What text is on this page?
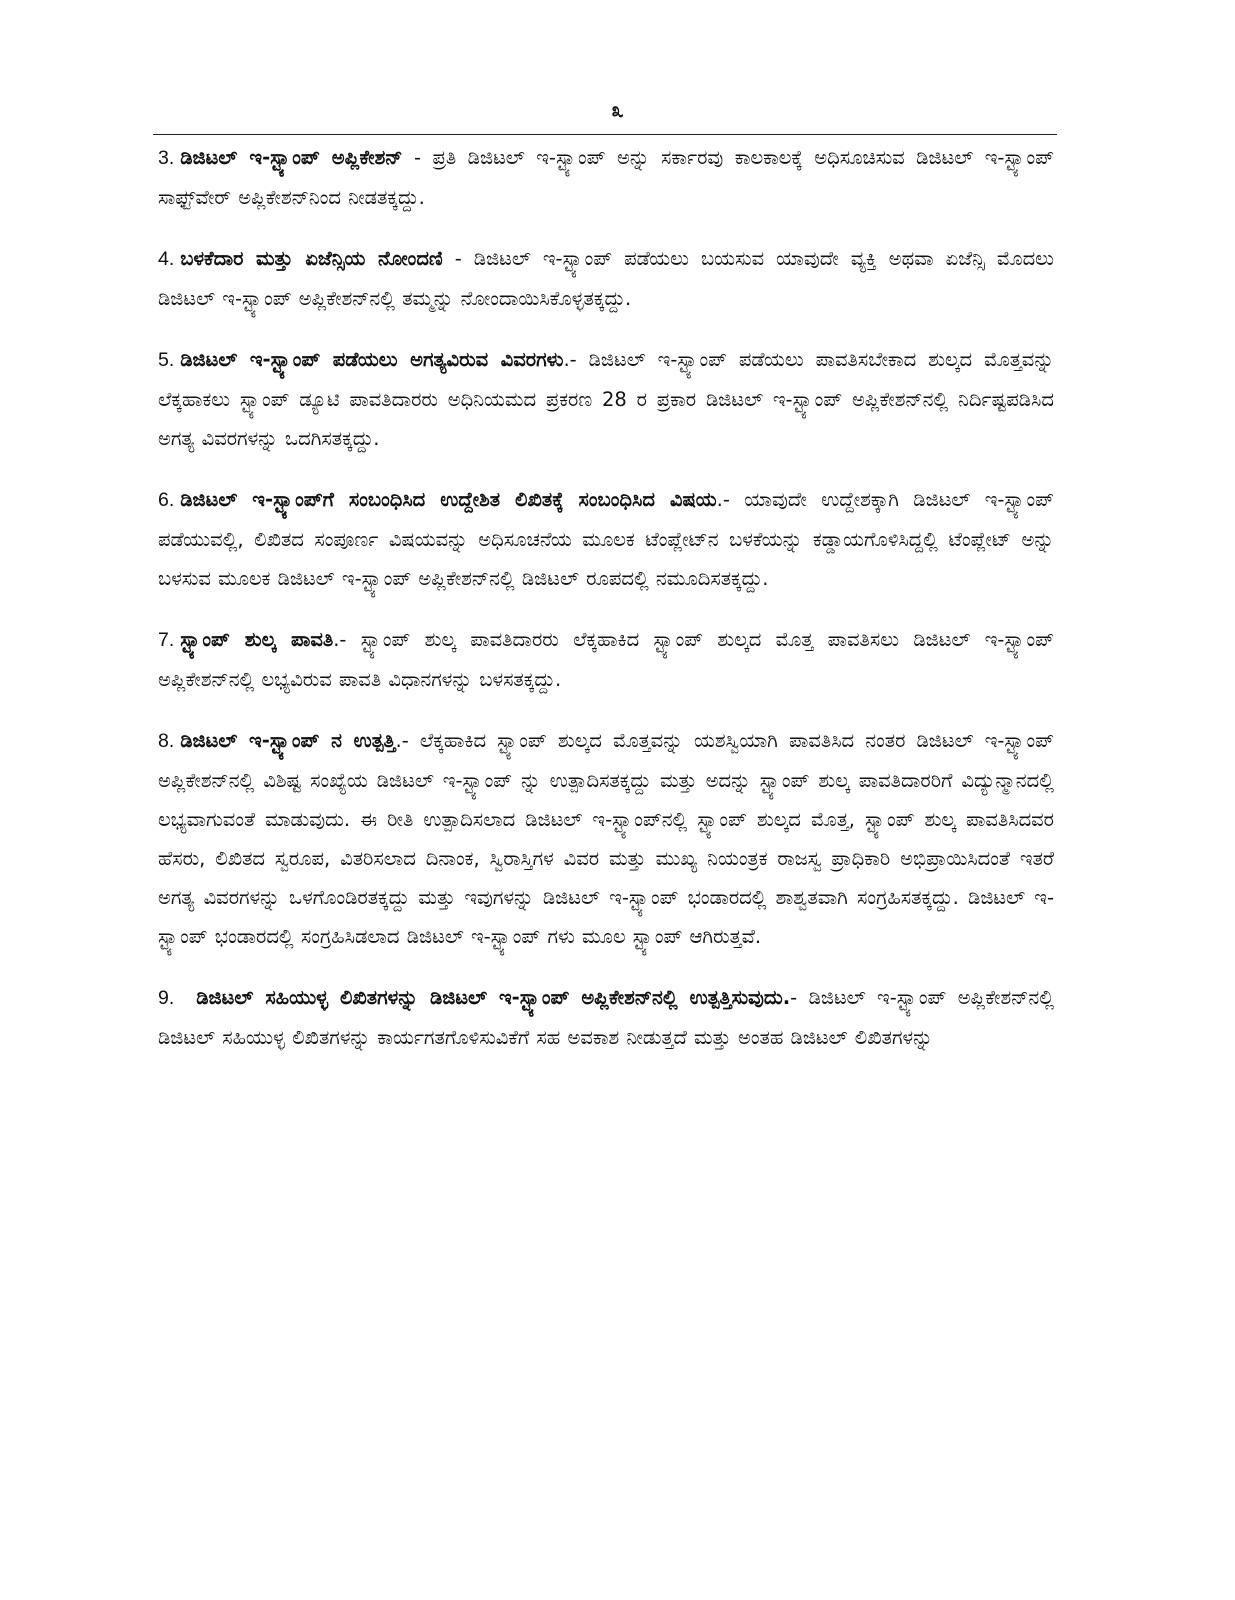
೩

3. ಡಿಜಿಟಲ್ ಇ-ಸ್ಟ್ಯಾಂಪ್ ಅಪ್ಲಿಕೇಶನ್ - ಪ್ರತಿ ಡಿಜಿಟಲ್ ಇ-ಸ್ಟ್ಯಾಂಪ್ ಅನ್ನು ಸರ್ಕಾರವು ಕಾಲಕಾಲಕ್ಕೆ ಅಧಿಸೂಚಿಸುವ ಡಿಜಿಟಲ್ ಇ-ಸ್ಟ್ಯಾಂಪ್ ಸಾಫ್ಟ್‌ವೇರ್ ಅಪ್ಲಿಕೇಶನ್‌ನಿಂದ ನೀಡತಕ್ಕದ್ದು.

4. ಬಳಕೆದಾರ ಮತ್ತು ಏಜೆನ್ಸಿಯ ನೋಂದಣಿ - ಡಿಜಿಟಲ್ ಇ-ಸ್ಟ್ಯಾಂಪ್ ಪಡೆಯಲು ಬಯಸುವ ಯಾವುದೇ ವ್ಯಕ್ತಿ ಅಥವಾ ಏಜೆನ್ಸಿ ಮೊದಲು ಡಿಜಿಟಲ್ ಇ-ಸ್ಟ್ಯಾಂಪ್ ಅಪ್ಲಿಕೇಶನ್‌ನಲ್ಲಿ ತಮ್ಮನ್ನು ನೋಂದಾಯಿಸಿಕೊಳ್ಳತಕ್ಕದ್ದು.

5. ಡಿಜಿಟಲ್ ಇ-ಸ್ಟ್ಯಾಂಪ್ ಪಡೆಯಲು ಅಗತ್ಯವಿರುವ ವಿವರಗಳು.- ಡಿಜಿಟಲ್ ಇ-ಸ್ಟ್ಯಾಂಪ್ ಪಡೆಯಲು ಪಾವತಿಸಬೇಕಾದ ಶುಲ್ಕದ ಮೊತ್ತವನ್ನು ಲೆಕ್ಕಹಾಕಲು ಸ್ಟ್ಯಾಂಪ್ ಡ್ಯೂಟಿ ಪಾವತಿದಾರರು ಅಧಿನಿಯಮದ ಪ್ರಕರಣ 28 ರ ಪ್ರಕಾರ ಡಿಜಿಟಲ್ ಇ-ಸ್ಟ್ಯಾಂಪ್ ಅಪ್ಲಿಕೇಶನ್‌ನಲ್ಲಿ ನಿರ್ದಿಷ್ಟಪಡಿಸಿದ ಅಗತ್ಯ ವಿವರಗಳನ್ನು ಒದಗಿಸತಕ್ಕದ್ದು.

6. ಡಿಜಿಟಲ್ ಇ-ಸ್ಟ್ಯಾಂಪ್‌ಗೆ ಸಂಬಂಧಿಸಿದ ಉದ್ದೇಶಿತ ಲಿಖಿತಕ್ಕೆ ಸಂಬಂಧಿಸಿದ ವಿಷಯ.- ಯಾವುದೇ ಉದ್ದೇಶಕ್ಕಾಗಿ ಡಿಜಿಟಲ್ ಇ-ಸ್ಟ್ಯಾಂಪ್ ಪಡೆಯುವಲ್ಲಿ, ಲಿಖಿತದ ಸಂಪೂರ್ಣ ವಿಷಯವನ್ನು ಅಧಿಸೂಚನೆಯ ಮೂಲಕ ಟೆಂಪ್ಲೇಟ್‌ನ ಬಳಕೆಯನ್ನು ಕಡ್ಡಾಯಗೊಳಿಸಿದ್ದಲ್ಲಿ ಟೆಂಪ್ಲೇಟ್ ಅನ್ನು ಬಳಸುವ ಮೂಲಕ ಡಿಜಿಟಲ್ ಇ-ಸ್ಟ್ಯಾಂಪ್ ಅಪ್ಲಿಕೇಶನ್‌ನಲ್ಲಿ ಡಿಜಿಟಲ್ ರೂಪದಲ್ಲಿ ನಮೂದಿಸತಕ್ಕದ್ದು.

7. ಸ್ಟ್ಯಾಂಪ್ ಶುಲ್ಕ ಪಾವತಿ.- ಸ್ಟ್ಯಾಂಪ್ ಶುಲ್ಕ ಪಾವತಿದಾರರು ಲೆಕ್ಕಹಾಕಿದ ಸ್ಟ್ಯಾಂಪ್ ಶುಲ್ಕದ ಮೊತ್ತ ಪಾವತಿಸಲು ಡಿಜಿಟಲ್ ಇ-ಸ್ಟ್ಯಾಂಪ್ ಅಪ್ಲಿಕೇಶನ್‌ನಲ್ಲಿ ಲಭ್ಯವಿರುವ ಪಾವತಿ ವಿಧಾನಗಳನ್ನು ಬಳಸತಕ್ಕದ್ದು.

8. ಡಿಜಿಟಲ್ ಇ-ಸ್ಟ್ಯಾಂಪ್ ನ ಉತ್ಪತ್ತಿ.- ಲೆಕ್ಕಹಾಕಿದ ಸ್ಟ್ಯಾಂಪ್ ಶುಲ್ಕದ ಮೊತ್ತವನ್ನು ಯಶಸ್ವಿಯಾಗಿ ಪಾವತಿಸಿದ ನಂತರ ಡಿಜಿಟಲ್ ಇ-ಸ್ಟ್ಯಾಂಪ್ ಅಪ್ಲಿಕೇಶನ್‌ನಲ್ಲಿ ವಿಶಿಷ್ಟ ಸಂಖ್ಯೆಯ ಡಿಜಿಟಲ್ ಇ-ಸ್ಟ್ಯಾಂಪ್ ನ್ನು ಉತ್ಪಾದಿಸತಕ್ಕದ್ದು ಮತ್ತು ಅದನ್ನು ಸ್ಟ್ಯಾಂಪ್ ಶುಲ್ಕ ಪಾವತಿದಾರರಿಗೆ ವಿದ್ಯುನ್ಮಾನದಲ್ಲಿ ಲಭ್ಯವಾಗುವಂತೆ ಮಾಡುವುದು. ಈ ರೀತಿ ಉತ್ಪಾದಿಸಲಾದ ಡಿಜಿಟಲ್ ಇ-ಸ್ಟ್ಯಾಂಪ್‌ನಲ್ಲಿ ಸ್ಟ್ಯಾಂಪ್ ಶುಲ್ಕದ ಮೊತ್ತ, ಸ್ಟ್ಯಾಂಪ್ ಶುಲ್ಕ ಪಾವತಿಸಿದವರ ಹೆಸರು, ಲಿಖಿತದ ಸ್ವರೂಪ, ವಿತರಿಸಲಾದ ದಿನಾಂಕ, ಸ್ವಿರಾಸ್ತಿಗಳ ವಿವರ ಮತ್ತು ಮುಖ್ಯ ನಿಯಂತ್ರಕ ರಾಜಸ್ವ ಪ್ರಾಧಿಕಾರಿ ಅಭಿಪ್ರಾಯಿಸಿದಂತೆ ಇತರೆ ಅಗತ್ಯ ವಿವರಗಳನ್ನು ಒಳಗೊಂಡಿರತಕ್ಕದ್ದು ಮತ್ತು ಇವುಗಳನ್ನು ಡಿಜಿಟಲ್ ಇ-ಸ್ಟ್ಯಾಂಪ್ ಭಂಡಾರದಲ್ಲಿ ಶಾಶ್ವತವಾಗಿ ಸಂಗ್ರಹಿಸತಕ್ಕದ್ದು. ಡಿಜಿಟಲ್ ಇ-ಸ್ಟ್ಯಾಂಪ್ ಭಂಡಾರದಲ್ಲಿ ಸಂಗ್ರಹಿಸಿಡಲಾದ ಡಿಜಿಟಲ್ ಇ-ಸ್ಟ್ಯಾಂಪ್ ಗಳು ಮೂಲ ಸ್ಟ್ಯಾಂಪ್ ಆಗಿರುತ್ತವೆ.

9. ಡಿಜಿಟಲ್ ಸಹಿಯುಳ್ಳ ಲಿಖಿತಗಳನ್ನು ಡಿಜಿಟಲ್ ಇ-ಸ್ಟ್ಯಾಂಪ್ ಅಪ್ಲಿಕೇಶನ್‌ನಲ್ಲಿ ಉತ್ಪತ್ತಿಸುವುದು.- ಡಿಜಿಟಲ್ ಇ-ಸ್ಟ್ಯಾಂಪ್ ಅಪ್ಲಿಕೇಶನ್‌ನಲ್ಲಿ ಡಿಜಿಟಲ್ ಸಹಿಯುಳ್ಳ ಲಿಖಿತಗಳನ್ನು ಕಾರ್ಯಗತಗೊಳಿಸುವಿಕೆಗೆ ಸಹ ಅವಕಾಶ ನೀಡುತ್ತದೆ ಮತ್ತು ಅಂತಹ ಡಿಜಿಟಲ್ ಲಿಖಿತಗಳನ್ನು
